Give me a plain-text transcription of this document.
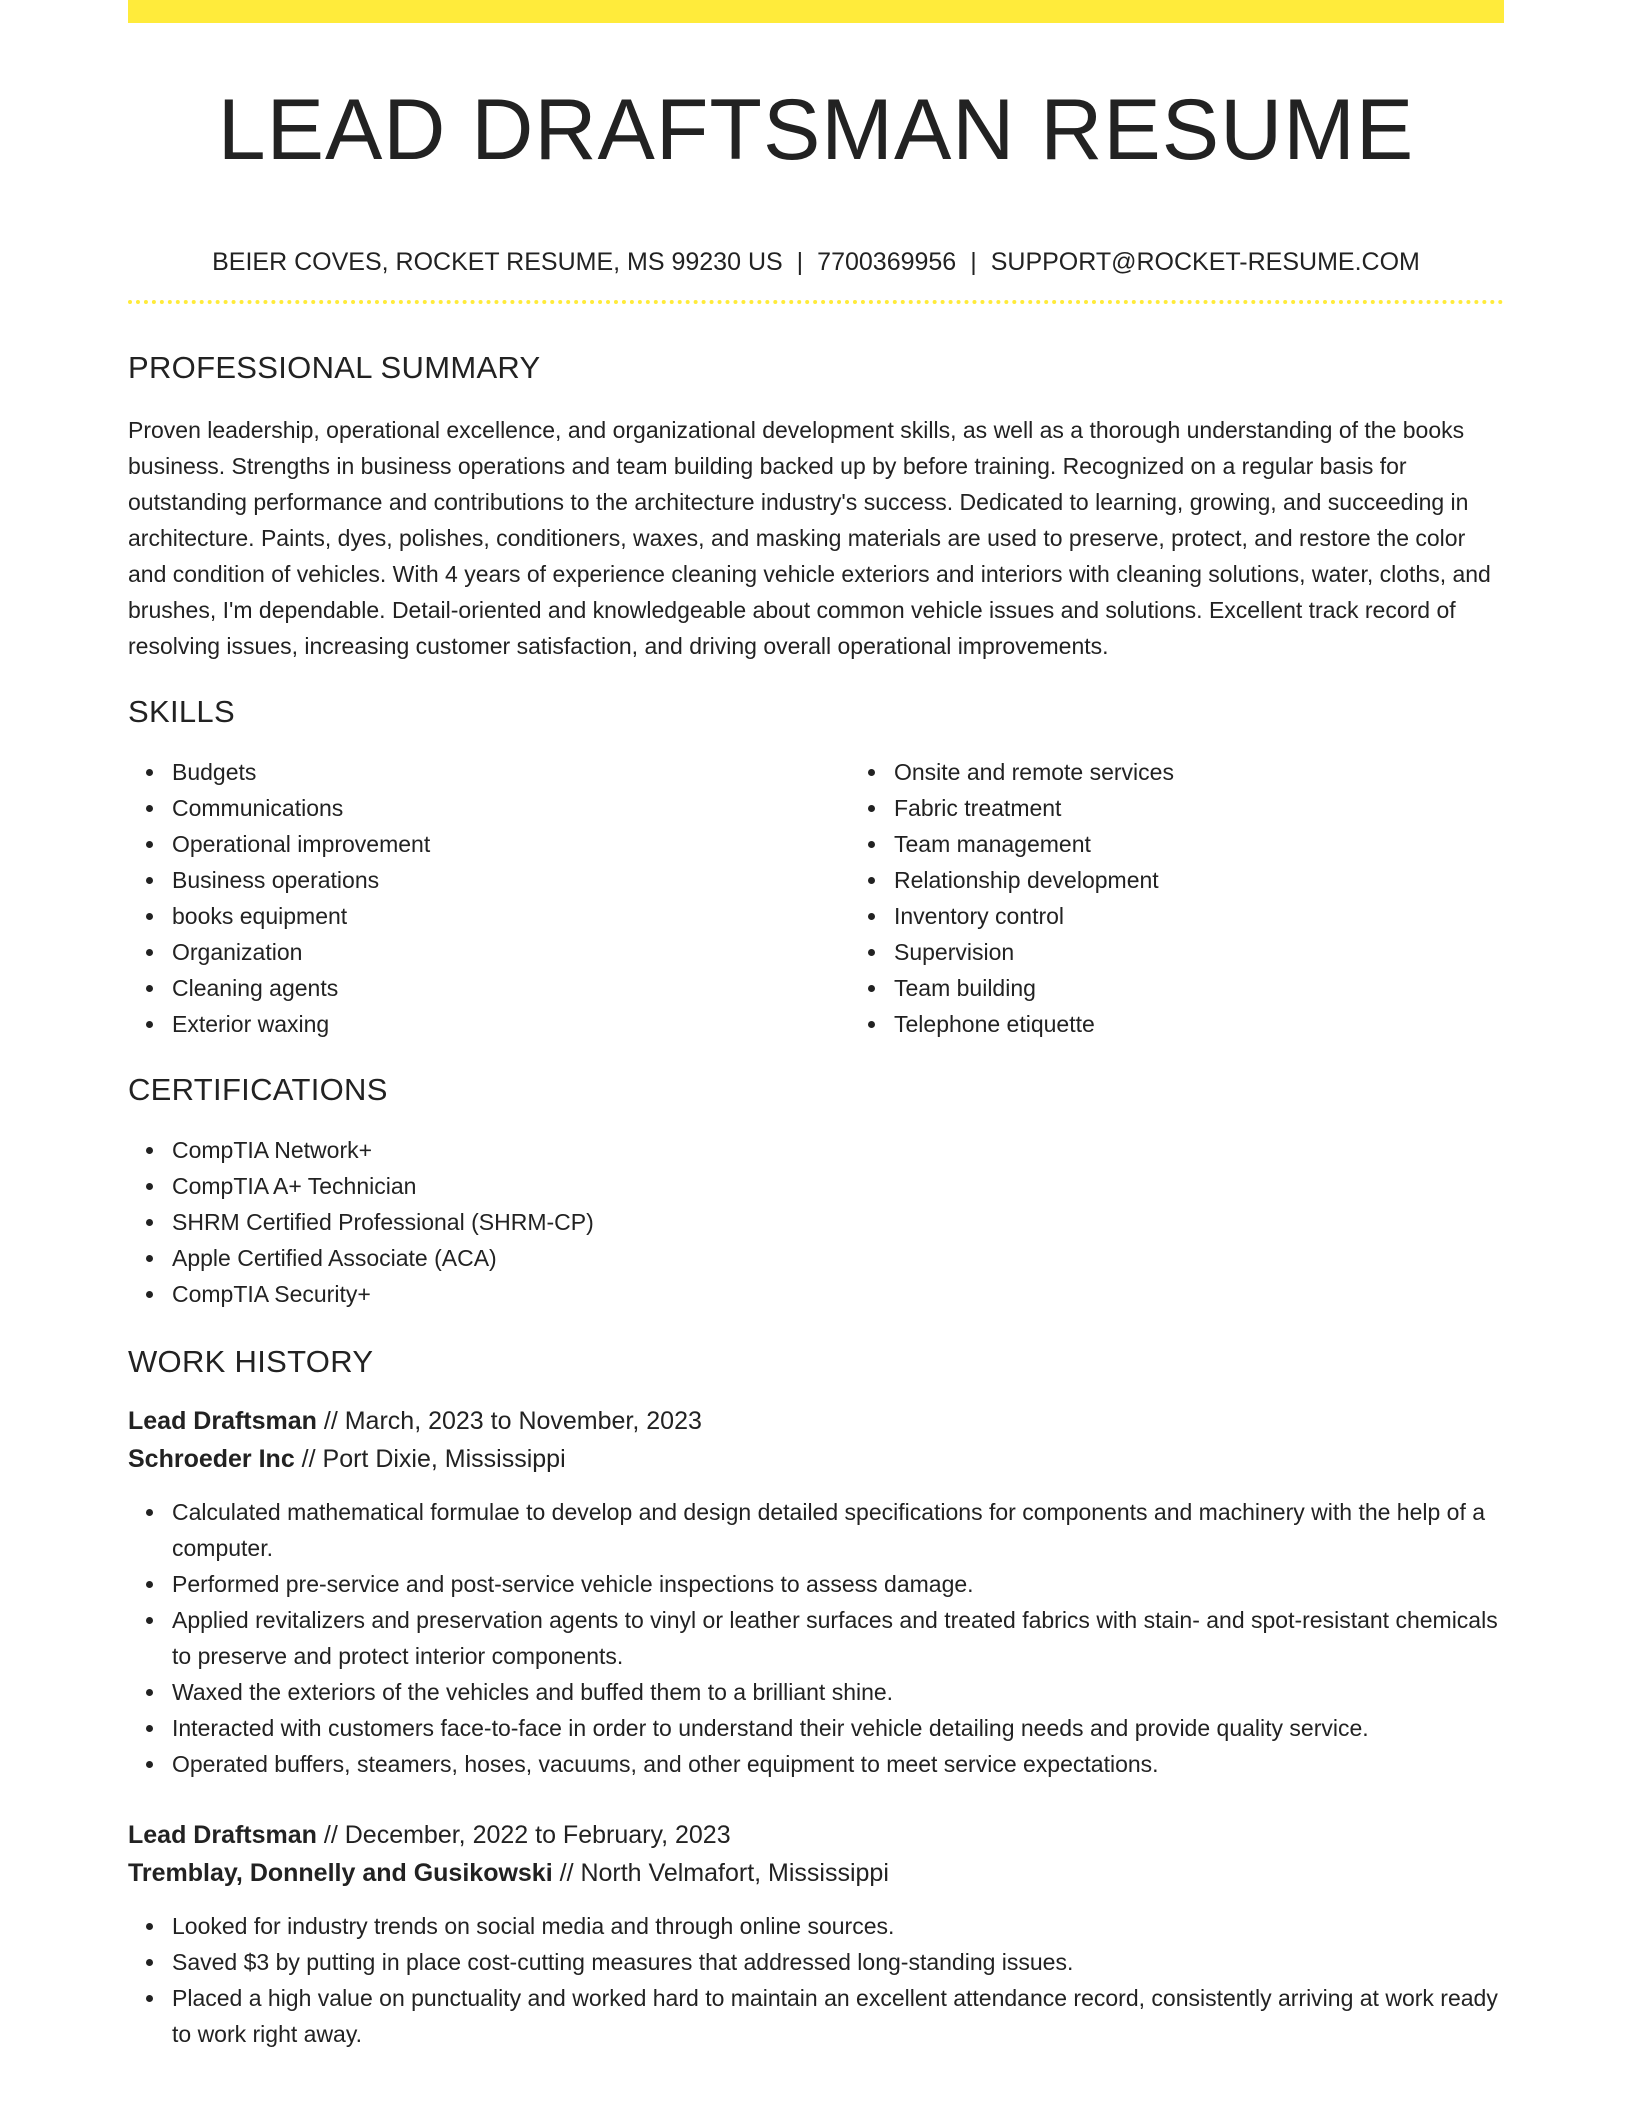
LEAD DRAFTSMAN RESUME
BEIER COVES, ROCKET RESUME, MS 99230 US | 7700369956 | SUPPORT@ROCKET-RESUME.COM
PROFESSIONAL SUMMARY

Proven leadership, operational excellence, and organizational development skills, as well as a thorough understanding of the books business. Strengths in business operations and team building backed up by before training. Recognized on a regular basis for outstanding performance and contributions to the architecture industry's success. Dedicated to learning, growing, and succeeding in architecture. Paints, dyes, polishes, conditioners, waxes, and masking materials are used to preserve, protect, and restore the color and condition of vehicles. With 4 years of experience cleaning vehicle exteriors and interiors with cleaning solutions, water, cloths, and brushes, I'm dependable. Detail-oriented and knowledgeable about common vehicle issues and solutions. Excellent track record of resolving issues, increasing customer satisfaction, and driving overall operational improvements.

SKILLS
Budgets
Communications
Operational improvement
Business operations
books equipment
Organization
Cleaning agents
Exterior waxing
Onsite and remote services
Fabric treatment
Team management
Relationship development
Inventory control
Supervision
Team building
Telephone etiquette
CERTIFICATIONS
CompTIA Network+
CompTIA A+ Technician
SHRM Certified Professional (SHRM-CP)
Apple Certified Associate (ACA)
CompTIA Security+
WORK HISTORY
Lead Draftsman // March, 2023 to November, 2023
Schroeder Inc // Port Dixie, Mississippi
Calculated mathematical formulae to develop and design detailed specifications for components and machinery with the help of a computer.
Performed pre-service and post-service vehicle inspections to assess damage.
Applied revitalizers and preservation agents to vinyl or leather surfaces and treated fabrics with stain- and spot-resistant chemicals to preserve and protect interior components.
Waxed the exteriors of the vehicles and buffed them to a brilliant shine.
Interacted with customers face-to-face in order to understand their vehicle detailing needs and provide quality service.
Operated buffers, steamers, hoses, vacuums, and other equipment to meet service expectations.
Lead Draftsman // December, 2022 to February, 2023
Tremblay, Donnelly and Gusikowski // North Velmafort, Mississippi
Looked for industry trends on social media and through online sources.
Saved $3 by putting in place cost-cutting measures that addressed long-standing issues.
Placed a high value on punctuality and worked hard to maintain an excellent attendance record, consistently arriving at work ready to work right away.
